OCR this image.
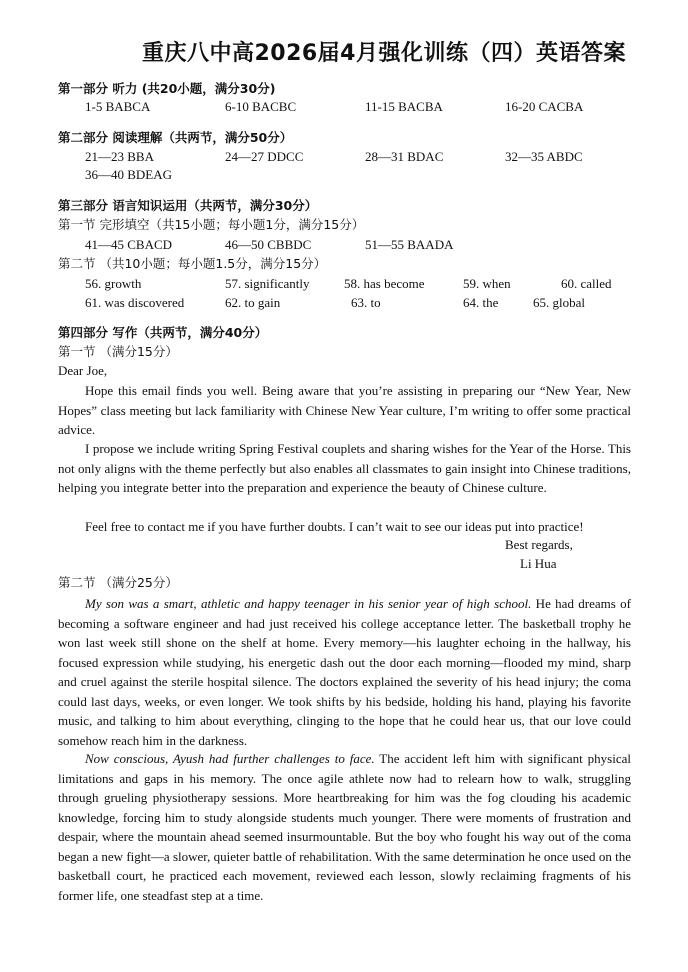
重庆八中高2026届4月强化训练（四）英语答案
第一部分 听力 (共20小题，满分30分)
1-5 BABCA	6-10 BACBC	11-15 BACBA	16-20 CACBA
第二部分 阅读理解（共两节，满分50分）
21—23 BBA	24—27 DDCC	28—31 BDAC	32—35 ABDC
36—40 BDEAG
第三部分 语言知识运用（共两节，满分30分）
第一节 完形填空（共15小题；每小题1分，满分15分）
41—45 CBACD	46—50 CBBDC	51—55 BAADA
第二节 （共10小题；每小题1.5分，满分15分）
56. growth	57. significantly	58. has become	59. when	60. called
61. was discovered	62. to gain	63. to	64. the	65. global
第四部分 写作（共两节，满分40分）
第一节 （满分15分）
Dear Joe,
Hope this email finds you well. Being aware that you’re assisting in preparing our “New Year, New Hopes” class meeting but lack familiarity with Chinese New Year culture, I’m writing to offer some practical advice.
I propose we include writing Spring Festival couplets and sharing wishes for the Year of the Horse. This not only aligns with the theme perfectly but also enables all classmates to gain insight into Chinese traditions, helping you integrate better into the preparation and experience the beauty of Chinese culture.
Feel free to contact me if you have further doubts. I can’t wait to see our ideas put into practice!
Best regards,
Li Hua
第二节 （满分25分）
My son was a smart, athletic and happy teenager in his senior year of high school. He had dreams of becoming a software engineer and had just received his college acceptance letter. The basketball trophy he won last week still shone on the shelf at home. Every memory—his laughter echoing in the hallway, his focused expression while studying, his energetic dash out the door each morning—flooded my mind, sharp and cruel against the sterile hospital silence. The doctors explained the severity of his head injury; the coma could last days, weeks, or even longer. We took shifts by his bedside, holding his hand, playing his favorite music, and talking to him about everything, clinging to the hope that he could hear us, that our love could somehow reach him in the darkness.
Now conscious, Ayush had further challenges to face. The accident left him with significant physical limitations and gaps in his memory. The once agile athlete now had to relearn how to walk, struggling through grueling physiotherapy sessions. More heartbreaking for him was the fog clouding his academic knowledge, forcing him to study alongside students much younger. There were moments of frustration and despair, where the mountain ahead seemed insurmountable. But the boy who fought his way out of the coma began a new fight—a slower, quieter battle of rehabilitation. With the same determination he once used on the basketball court, he practiced each movement, reviewed each lesson, slowly reclaiming fragments of his former life, one steadfast step at a time.
